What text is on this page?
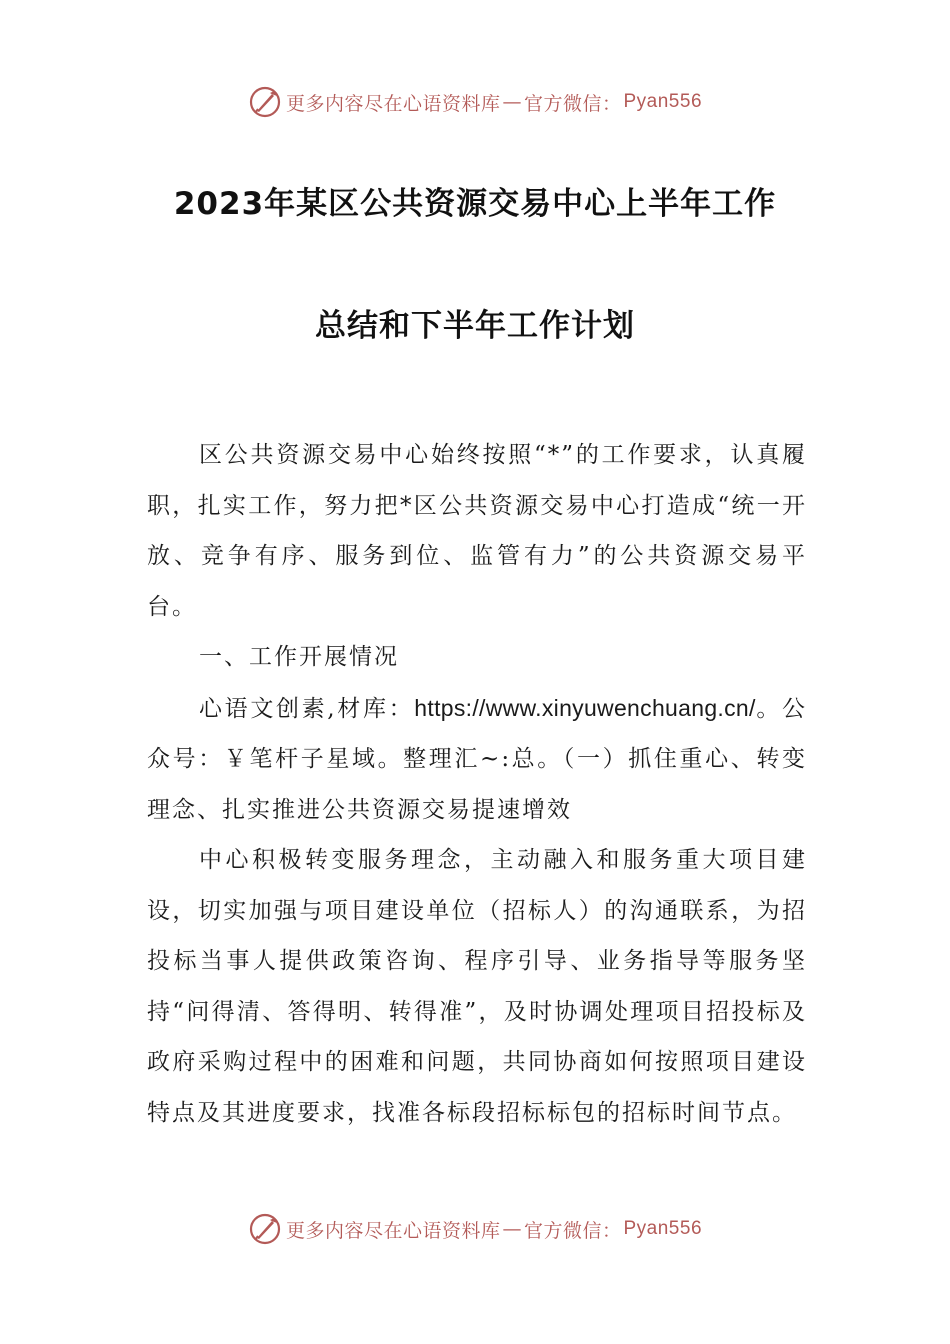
更多内容尽在心语资料库 — 官方微信： Pyan556
2023年某区公共资源交易中心上半年工作
总结和下半年工作计划

区公共资源交易中心始终按照“*”的工作要求，认真履职，扎实工作，努力把*区公共资源交易中心打造成“统一开放、竞争有序、服务到位、监管有力”的公共资源交易平台。

一、工作开展情况

心语文创素,材库：https://www.xinyuwenchuang.cn/。公众号：￥笔杆子星域。整理汇~:总。（一）抓住重心、转变理念、扎实推进公共资源交易提速增效

中心积极转变服务理念，主动融入和服务重大项目建设，切实加强与项目建设单位（招标人）的沟通联系，为招投标当事人提供政策咨询、程序引导、业务指导等服务坚持“问得清、答得明、转得准”，及时协调处理项目招投标及政府采购过程中的困难和问题，共同协商如何按照项目建设特点及其进度要求，找准各标段招标标包的招标时间节点。

更多内容尽在心语资料库 — 官方微信： Pyan556
